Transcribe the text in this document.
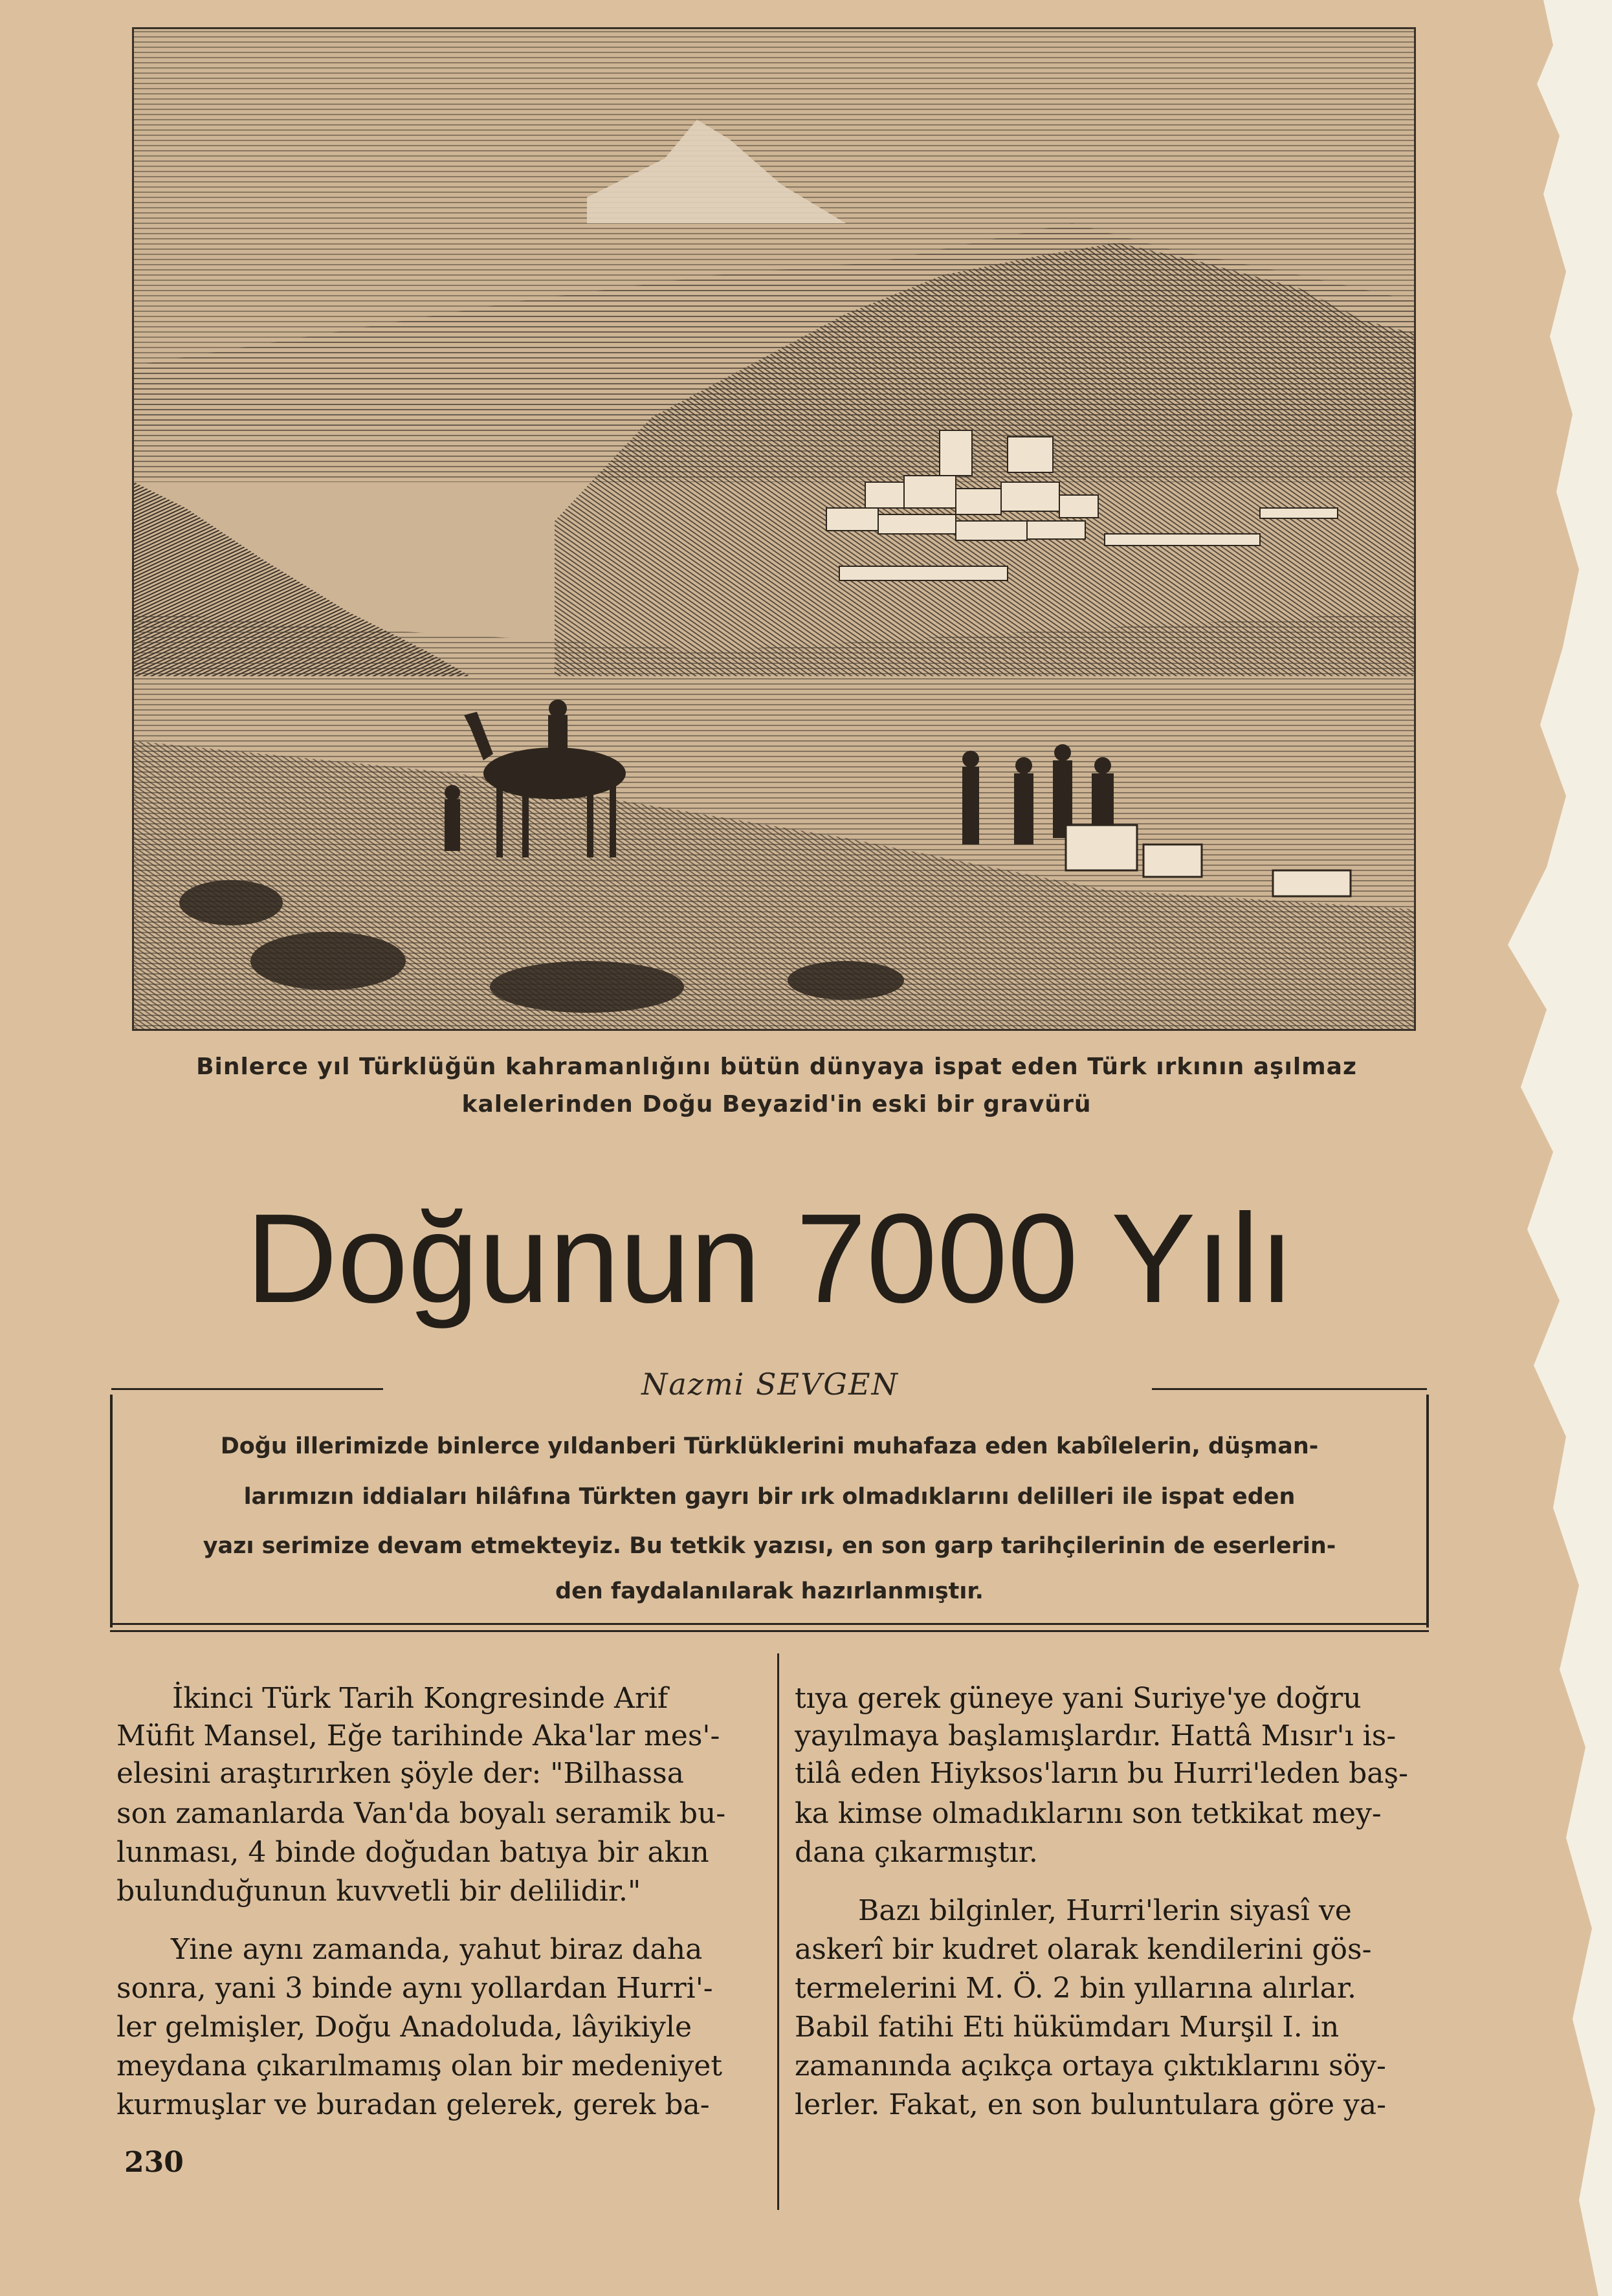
Binlerce yıl Türklüğün kahramanlığını bütün dünyaya ispat eden Türk ırkının aşılmaz
kalelerinden Doğu Beyazid'in eski bir gravürü
Doğunun 7000 Yılı
Nazmi SEVGEN
Doğu illerimizde binlerce yıldanberi Türklüklerini muhafaza eden kabîlelerin, düşman-
larımızın iddiaları hilâfına Türkten gayrı bir ırk olmadıklarını delilleri ile ispat eden
yazı serimize devam etmekteyiz. Bu tetkik yazısı, en son garp tarihçilerinin de eserlerin-
den faydalanılarak hazırlanmıştır.
İkinci Türk Tarih Kongresinde Arif
Müfit Mansel, Eğe tarihinde Aka'lar mes'-
elesini araştırırken şöyle der: "Bilhassa
son zamanlarda Van'da boyalı seramik bu-
lunması, 4 binde doğudan batıya bir akın
bulunduğunun kuvvetli bir delilidir."
Yine aynı zamanda, yahut biraz daha
sonra, yani 3 binde aynı yollardan Hurri'-
ler gelmişler, Doğu Anadoluda, lâyikiyle
meydana çıkarılmamış olan bir medeniyet
kurmuşlar ve buradan gelerek, gerek ba-
tıya gerek güneye yani Suriye'ye doğru
yayılmaya başlamışlardır. Hattâ Mısır'ı is-
tilâ eden Hiyksos'ların bu Hurri'leden baş-
ka kimse olmadıklarını son tetkikat mey-
dana çıkarmıştır.
Bazı bilginler, Hurri'lerin siyasî ve
askerî bir kudret olarak kendilerini gös-
termelerini M. Ö. 2 bin yıllarına alırlar.
Babil fatihi Eti hükümdarı Murşil I. in
zamanında açıkça ortaya çıktıklarını söy-
lerler. Fakat, en son buluntulara göre ya-
230
